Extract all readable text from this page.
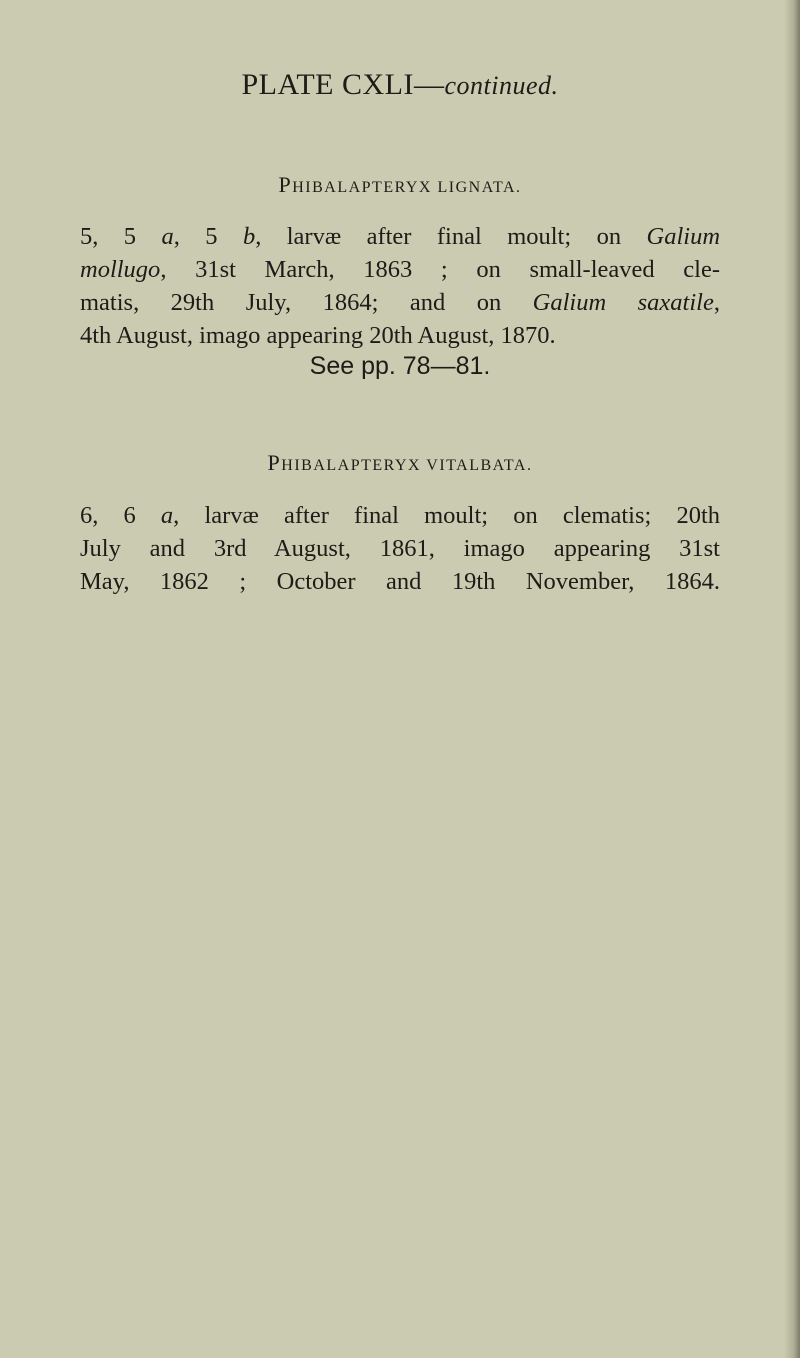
PLATE CXLI—continued.
PHIBALAPTERYX LIGNATA.
5, 5 a, 5 b, larvæ after final moult; on Galium
mollugo, 31st March, 1863 ; on small-leaved cle-
matis, 29th July, 1864; and on Galium saxatile,
4th August, imago appearing 20th August, 1870.
See pp. 78—81.
PHIBALAPTERYX VITALBATA.
6, 6 a, larvæ after final moult; on clematis; 20th
July and 3rd August, 1861, imago appearing 31st
May, 1862 ; October and 19th November, 1864.
